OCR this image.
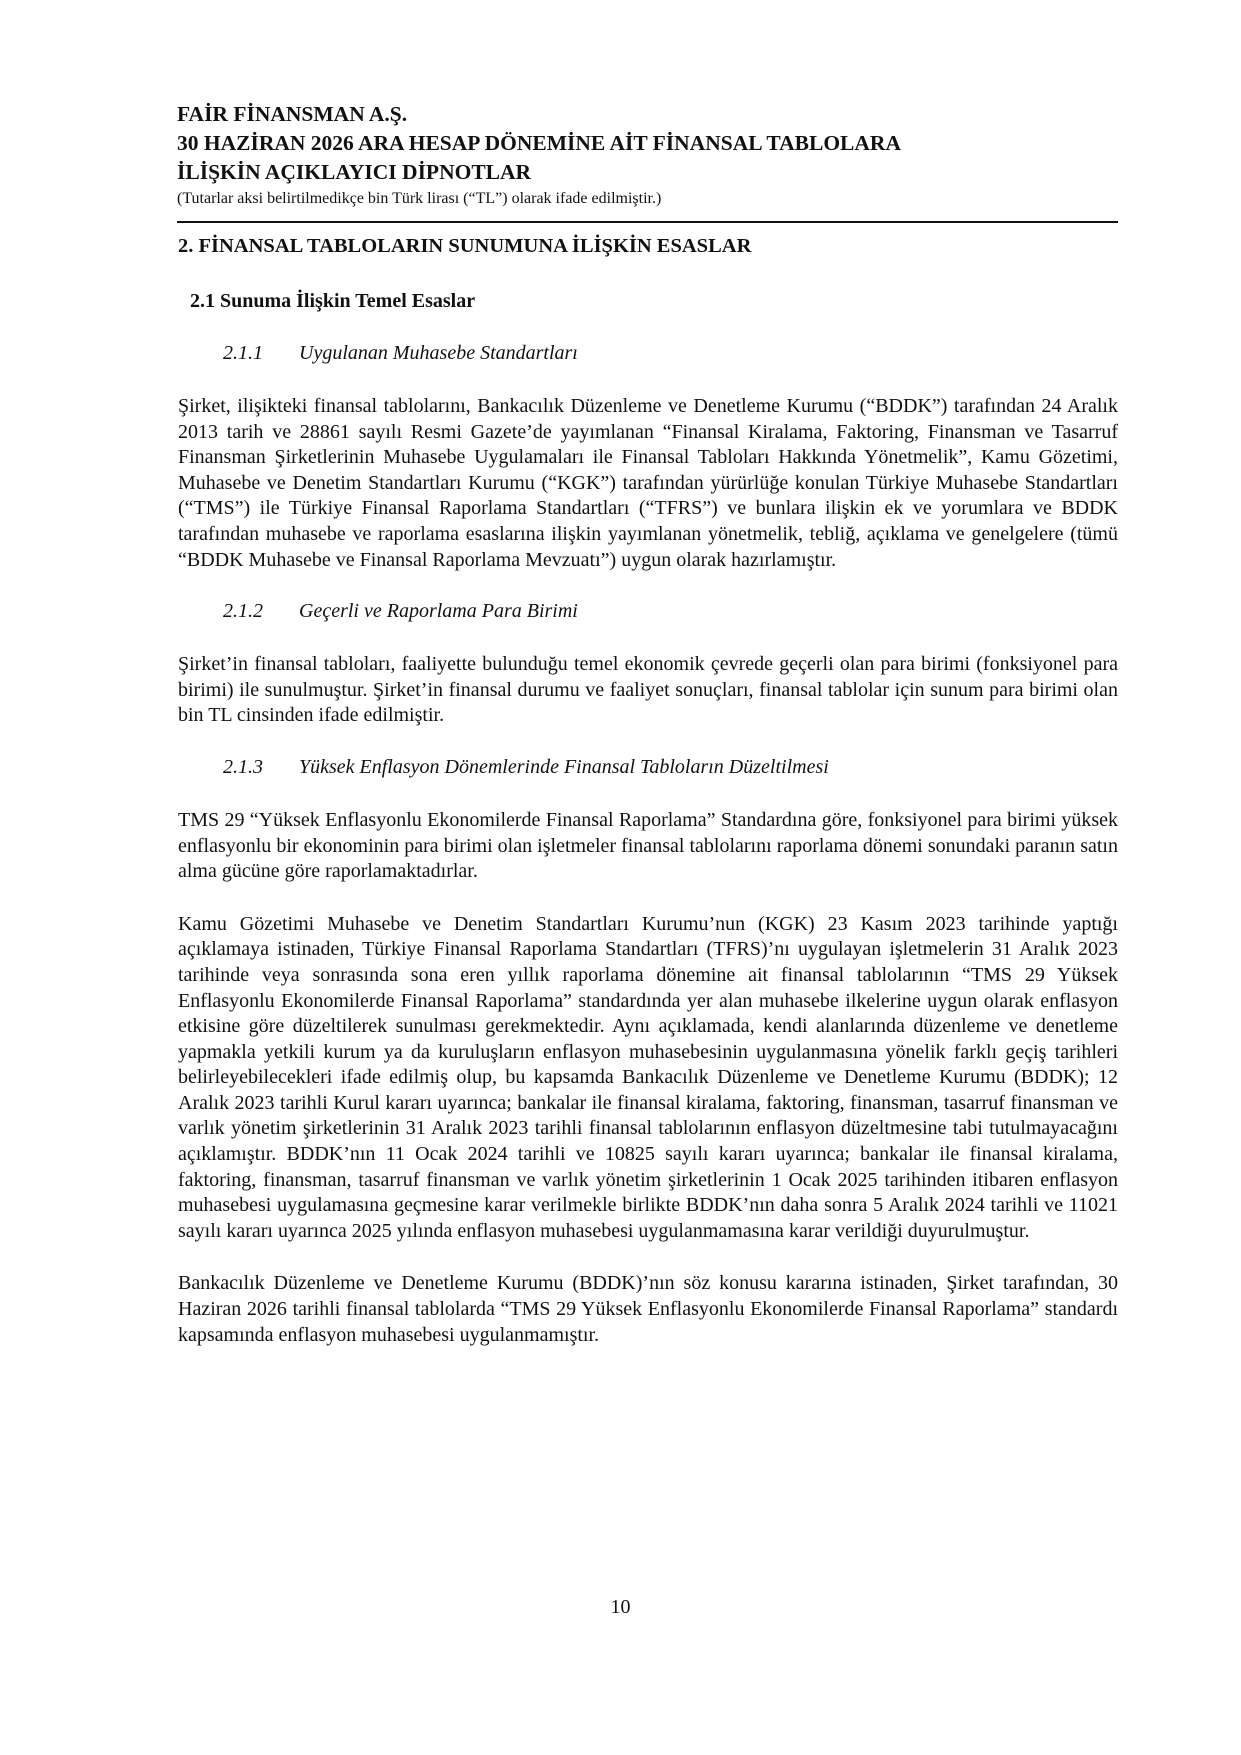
FAİR FİNANSMAN A.Ş.
30 HAZİRAN 2026 ARA HESAP DÖNEMİNE AİT FİNANSAL TABLOLARA
İLİŞKİN AÇIKLAYICI DİPNOTLAR
(Tutarlar aksi belirtilmedikçe bin Türk lirası (“TL”) olarak ifade edilmiştir.)
2. FİNANSAL TABLOLARIN SUNUMUNA İLİŞKİN ESASLAR
2.1 Sunuma İlişkin Temel Esaslar
2.1.1 Uygulanan Muhasebe Standartları

Şirket, ilişikteki finansal tablolarını, Bankacılık Düzenleme ve Denetleme Kurumu (“BDDK”) tarafından 24 Aralık 2013 tarih ve 28861 sayılı Resmi Gazete’de yayımlanan “Finansal Kiralama, Faktoring, Finansman ve Tasarruf Finansman Şirketlerinin Muhasebe Uygulamaları ile Finansal Tabloları Hakkında Yönetmelik”, Kamu Gözetimi, Muhasebe ve Denetim Standartları Kurumu (“KGK”) tarafından yürürlüğe konulan Türkiye Muhasebe Standartları (“TMS”) ile Türkiye Finansal Raporlama Standartları (“TFRS”) ve bunlara ilişkin ek ve yorumlara ve BDDK tarafından muhasebe ve raporlama esaslarına ilişkin yayımlanan yönetmelik, tebliğ, açıklama ve genelgelere (tümü “BDDK Muhasebe ve Finansal Raporlama Mevzuatı”) uygun olarak hazırlamıştır.

2.1.2 Geçerli ve Raporlama Para Birimi

Şirket’in finansal tabloları, faaliyette bulunduğu temel ekonomik çevrede geçerli olan para birimi (fonksiyonel para birimi) ile sunulmuştur. Şirket’in finansal durumu ve faaliyet sonuçları, finansal tablolar için sunum para birimi olan bin TL cinsinden ifade edilmiştir.

2.1.3 Yüksek Enflasyon Dönemlerinde Finansal Tabloların Düzeltilmesi

TMS 29 “Yüksek Enflasyonlu Ekonomilerde Finansal Raporlama” Standardına göre, fonksiyonel para birimi yüksek enflasyonlu bir ekonominin para birimi olan işletmeler finansal tablolarını raporlama dönemi sonundaki paranın satın alma gücüne göre raporlamaktadırlar.

Kamu Gözetimi Muhasebe ve Denetim Standartları Kurumu’nun (KGK) 23 Kasım 2023 tarihinde yaptığı açıklamaya istinaden, Türkiye Finansal Raporlama Standartları (TFRS)’nı uygulayan işletmelerin 31 Aralık 2023 tarihinde veya sonrasında sona eren yıllık raporlama dönemine ait finansal tablolarının “TMS 29 Yüksek Enflasyonlu Ekonomilerde Finansal Raporlama” standardında yer alan muhasebe ilkelerine uygun olarak enflasyon etkisine göre düzeltilerek sunulması gerekmektedir. Aynı açıklamada, kendi alanlarında düzenleme ve denetleme yapmakla yetkili kurum ya da kuruluşların enflasyon muhasebesinin uygulanmasına yönelik farklı geçiş tarihleri belirleyebilecekleri ifade edilmiş olup, bu kapsamda Bankacılık Düzenleme ve Denetleme Kurumu (BDDK); 12 Aralık 2023 tarihli Kurul kararı uyarınca; bankalar ile finansal kiralama, faktoring, finansman, tasarruf finansman ve varlık yönetim şirketlerinin 31 Aralık 2023 tarihli finansal tablolarının enflasyon düzeltmesine tabi tutulmayacağını açıklamıştır. BDDK’nın 11 Ocak 2024 tarihli ve 10825 sayılı kararı uyarınca; bankalar ile finansal kiralama, faktoring, finansman, tasarruf finansman ve varlık yönetim şirketlerinin 1 Ocak 2025 tarihinden itibaren enflasyon muhasebesi uygulamasına geçmesine karar verilmekle birlikte BDDK’nın daha sonra 5 Aralık 2024 tarihli ve 11021 sayılı kararı uyarınca 2025 yılında enflasyon muhasebesi uygulanmamasına karar verildiği duyurulmuştur.

Bankacılık Düzenleme ve Denetleme Kurumu (BDDK)’nın söz konusu kararına istinaden, Şirket tarafından, 30 Haziran 2026 tarihli finansal tablolarda “TMS 29 Yüksek Enflasyonlu Ekonomilerde Finansal Raporlama” standardı kapsamında enflasyon muhasebesi uygulanmamıştır.

10
